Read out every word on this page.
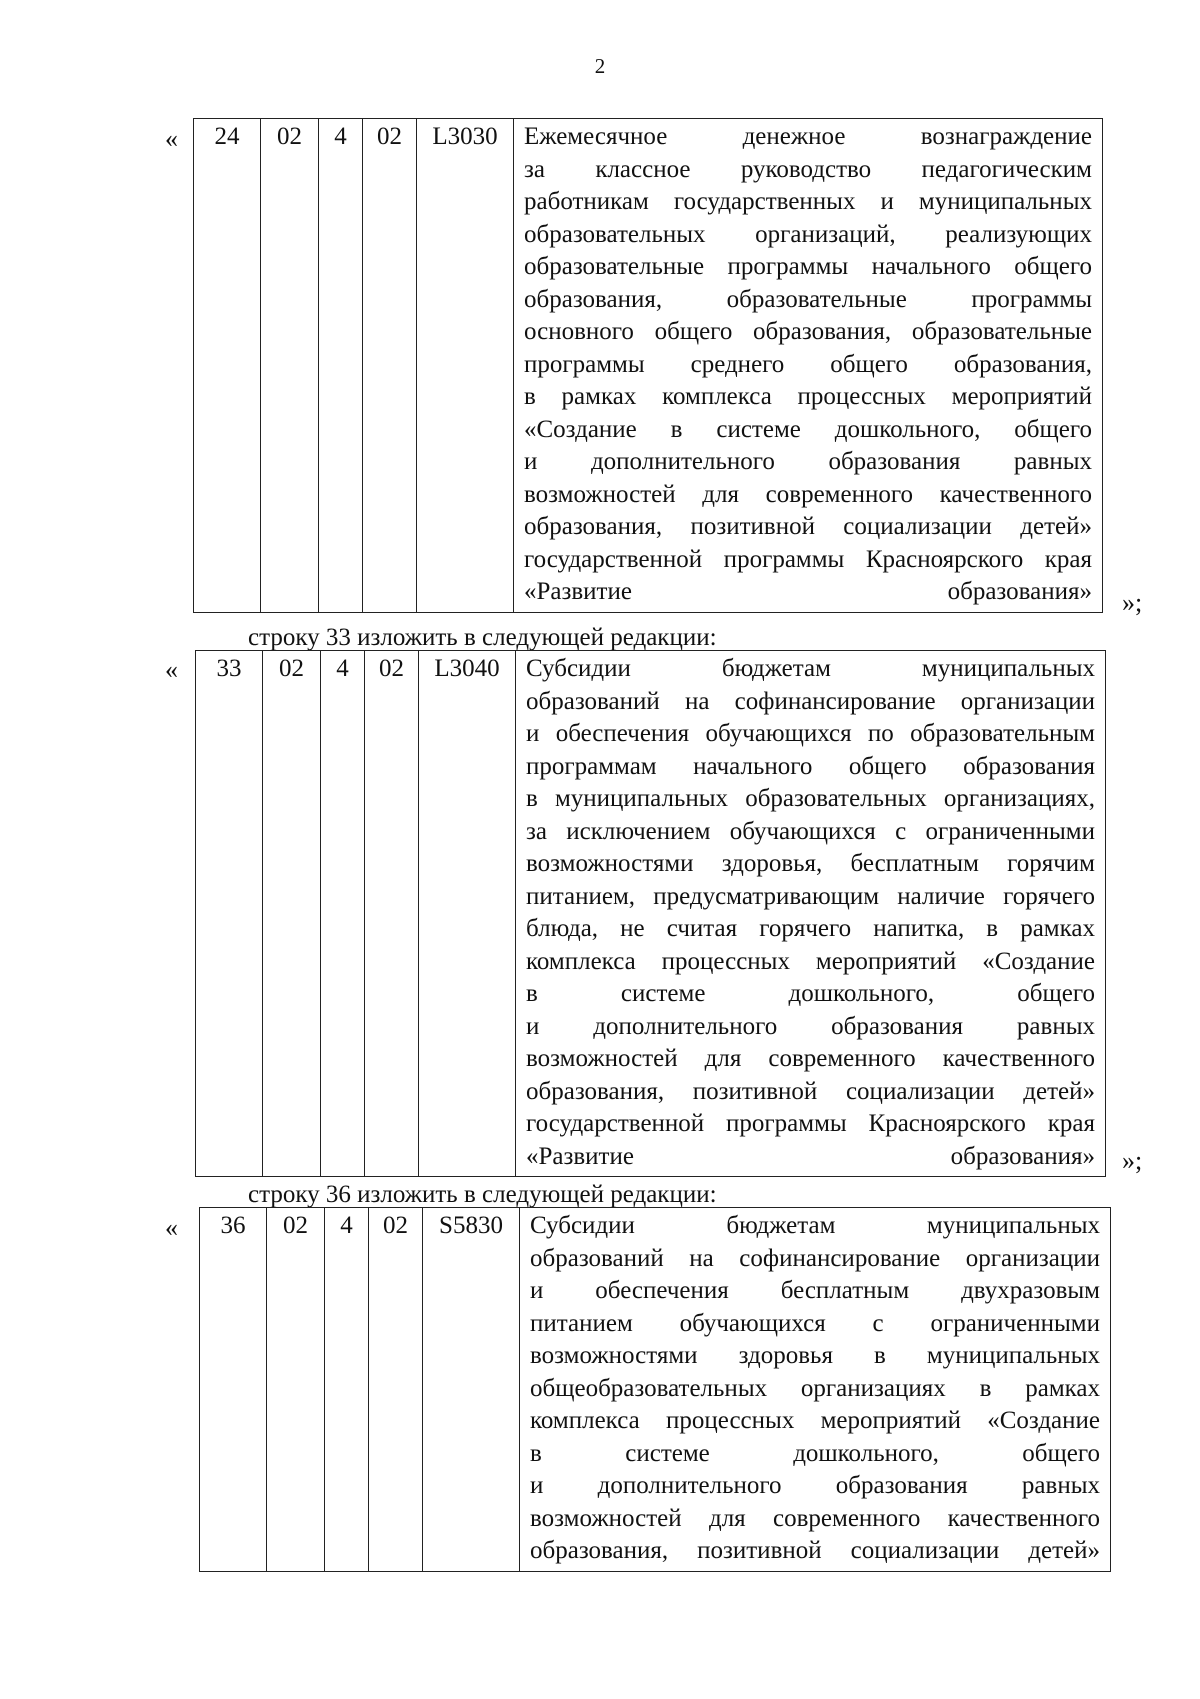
2
« 24	02	4	02	L3030	Ежемесячное денежное вознаграждение
за классное руководство педагогическим
работникам государственных и муниципальных
образовательных организаций, реализующих
образовательные программы начального общего
образования, образовательные программы
основного общего образования, образовательные
программы среднего общего образования,
в рамках комплекса процессных мероприятий
«Создание в системе дошкольного, общего
и дополнительного образования равных
возможностей для современного качественного
образования, позитивной социализации детей»
государственной программы Красноярского края
«Развитие образования» »;
строку 33 изложить в следующей редакции:
« 33	02	4	02	L3040	Субсидии бюджетам муниципальных
образований на софинансирование организации
и обеспечения обучающихся по образовательным
программам начального общего образования
в муниципальных образовательных организациях,
за исключением обучающихся с ограниченными
возможностями здоровья, бесплатным горячим
питанием, предусматривающим наличие горячего
блюда, не считая горячего напитка, в рамках
комплекса процессных мероприятий «Создание
в системе дошкольного, общего
и дополнительного образования равных
возможностей для современного качественного
образования, позитивной социализации детей»
государственной программы Красноярского края
«Развитие образования» »;
строку 36 изложить в следующей редакции:
« 36	02	4	02	S5830	Субсидии бюджетам муниципальных
образований на софинансирование организации
и обеспечения бесплатным двухразовым
питанием обучающихся с ограниченными
возможностями здоровья в муниципальных
общеобразовательных организациях в рамках
комплекса процессных мероприятий «Создание
в системе дошкольного, общего
и дополнительного образования равных
возможностей для современного качественного
образования, позитивной социализации детей»
